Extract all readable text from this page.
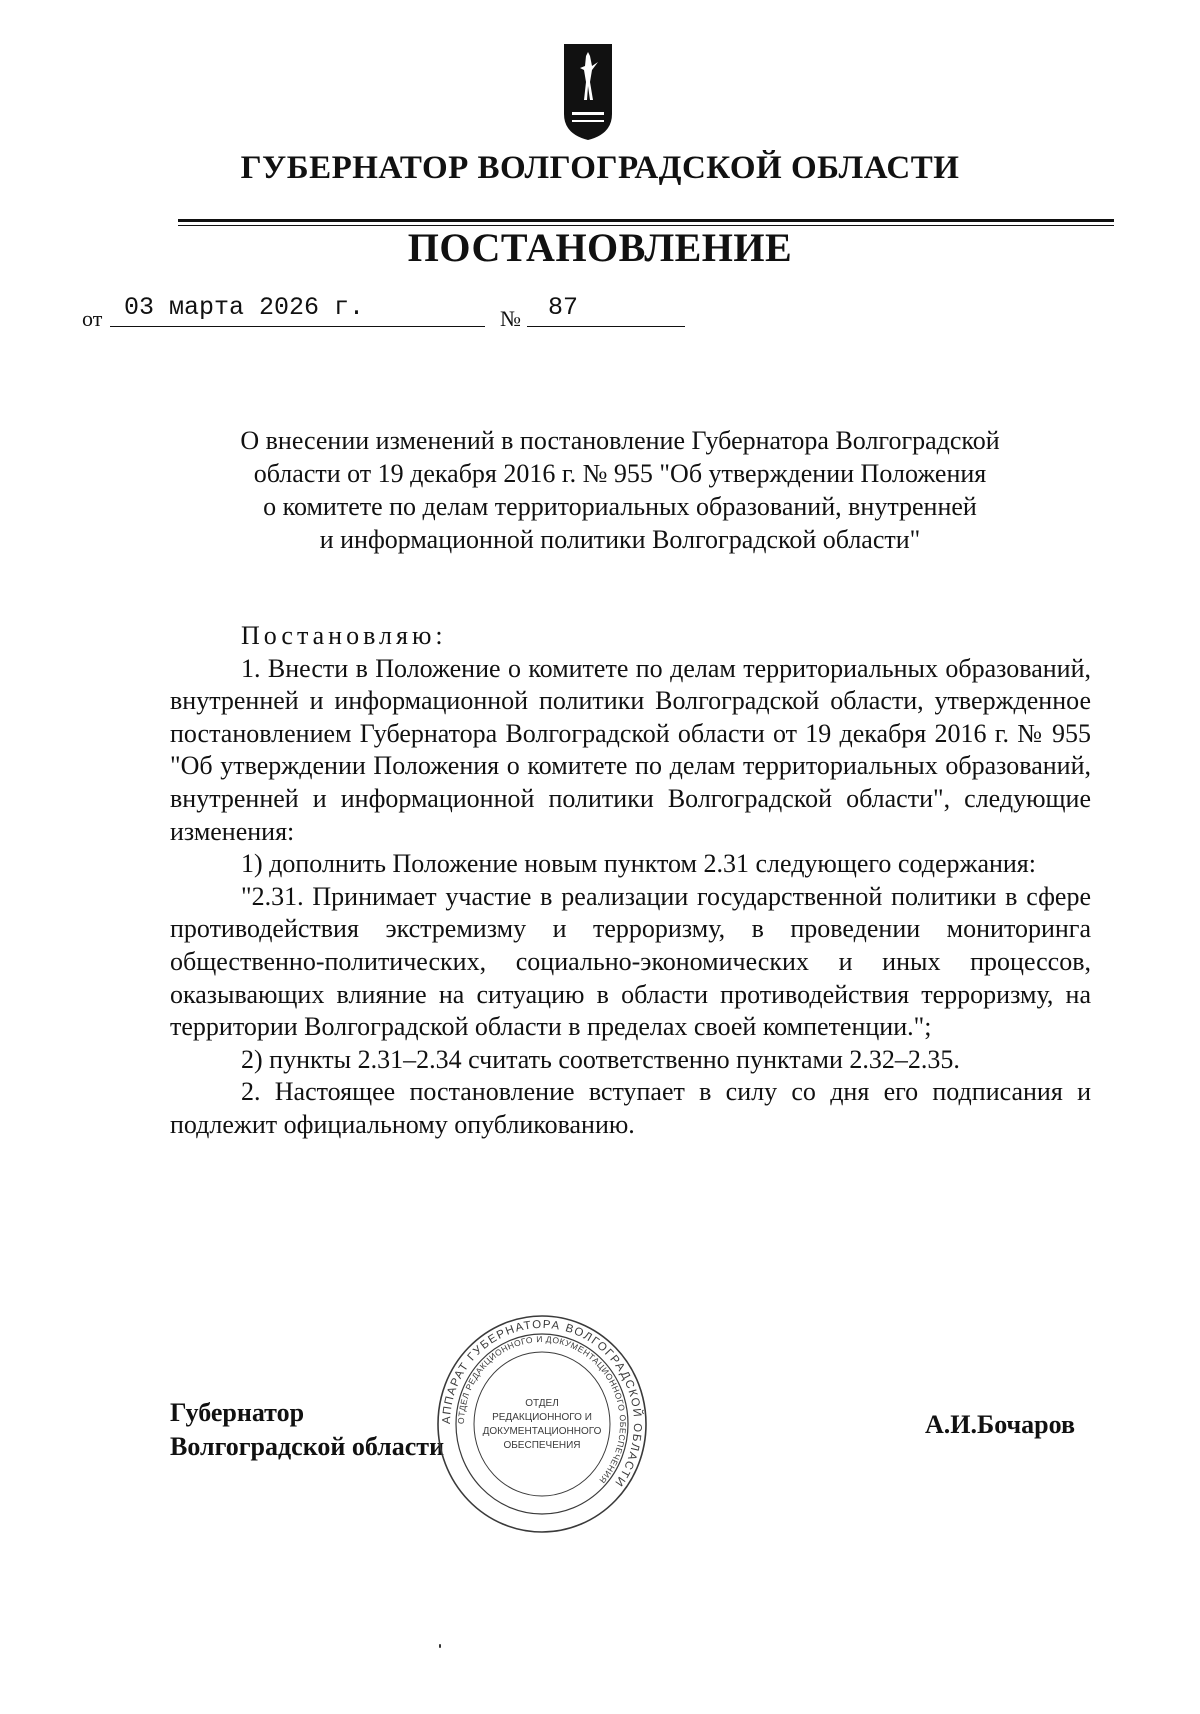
ГУБЕРНАТОР ВОЛГОГРАДСКОЙ ОБЛАСТИ
ПОСТАНОВЛЕНИЕ
от 03 марта 2026 г.	№ 87
О внесении изменений в постановление Губернатора Волгоградской
области от 19 декабря 2016 г. № 955 "Об утверждении Положения
о комитете по делам территориальных образований, внутренней
и информационной политики Волгоградской области"

Постановляю:

1. Внести в Положение о комитете по делам территориальных образований, внутренней и информационной политики Волгоградской области, утвержденное постановлением Губернатора Волгоградской области от 19 декабря 2016 г. № 955 "Об утверждении Положения о комитете по делам территориальных образований, внутренней и информационной политики Волгоградской области", следующие изменения:

1) дополнить Положение новым пунктом 2.31 следующего содержания:

"2.31. Принимает участие в реализации государственной политики в сфере противодействия экстремизму и терроризму, в проведении мониторинга общественно-политических, социально-экономических и иных процессов, оказывающих влияние на ситуацию в области противодействия терроризму, на территории Волгоградской области в пределах своей компетенции.";

2) пункты 2.31–2.34 считать соответственно пунктами 2.32–2.35.

2. Настоящее постановление вступает в силу со дня его подписания и подлежит официальному опубликованию.

Губернатор
Волгоградской области
АППАРАТ ГУБЕРНАТОРА ВОЛГОГРАДСКОЙ ОБЛАСТИ
ОТДЕЛ РЕДАКЦИОННОГО И ДОКУМЕНТАЦИОННОГО ОБЕСПЕЧЕНИЯ
ОТДЕЛ
РЕДАКЦИОННОГО И
ДОКУМЕНТАЦИОННОГО
ОБЕСПЕЧЕНИЯ
А.И.Бочаров
